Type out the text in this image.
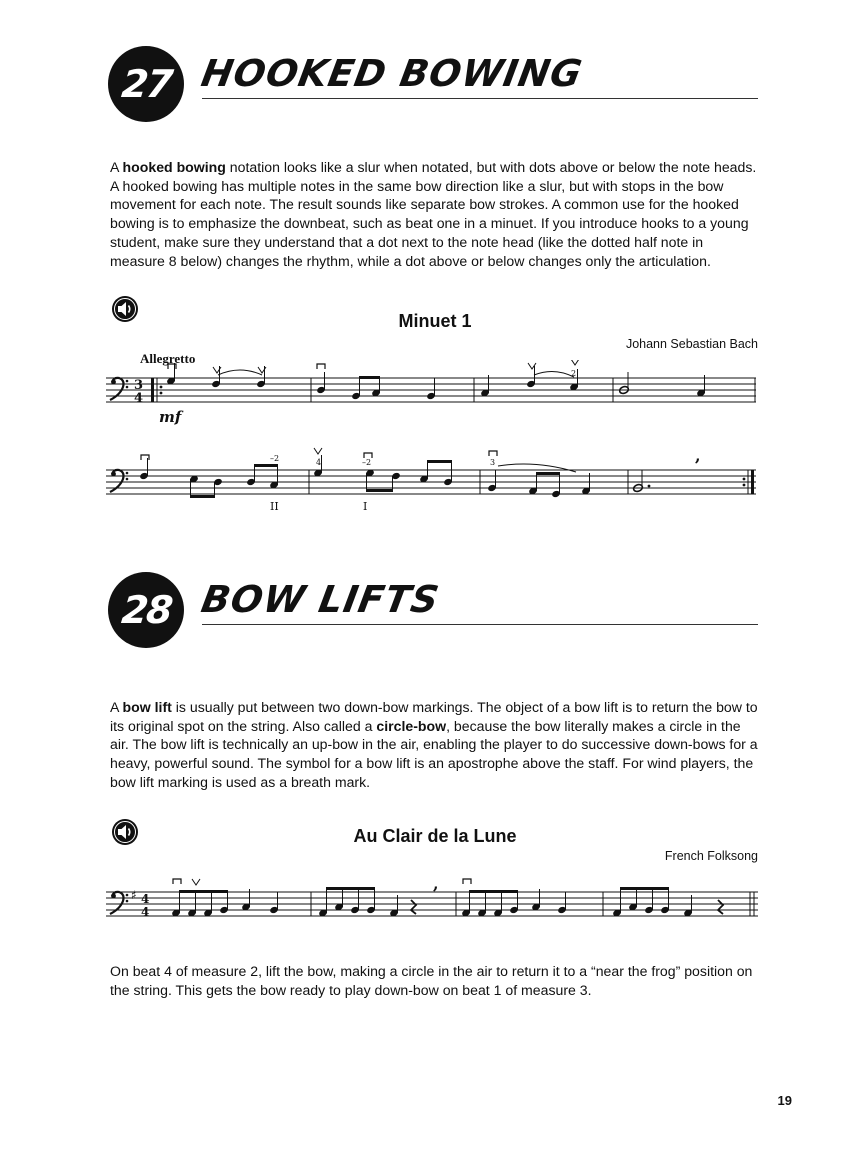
27 HOOKED BOWING
A hooked bowing notation looks like a slur when notated, but with dots above or below the note heads. A hooked bowing has multiple notes in the same bow direction like a slur, but with stops in the bow movement for each note. The result sounds like separate bow strokes. A common use for the hooked bowing is to emphasize the downbeat, such as beat one in a minuet. If you introduce hooks to a young student, make sure they understand that a dot next to the note head (like the dotted half note in measure 8 below) changes the rhythm, while a dot above or below changes only the articulation.
Minuet 1
Johann Sebastian Bach
Allegretto
3
4
2
mf
,
4
–2	–2	3
II	I
28 BOW LIFTS
A bow lift is usually put between two down-bow markings. The object of a bow lift is to return the bow to its original spot on the string. Also called a circle-bow, because the bow literally makes a circle in the air. The bow lift is technically an up-bow in the air, enabling the player to do successive down-bows for a heavy, powerful sound. The symbol for a bow lift is an apostrophe above the staff. For wind players, the bow lift marking is used as a breath mark.
Au Clair de la Lune
French Folksong
♯ 4
4
,
On beat 4 of measure 2, lift the bow, making a circle in the air to return it to a “near the frog” position on the string. This gets the bow ready to play down-bow on beat 1 of measure 3.
19
